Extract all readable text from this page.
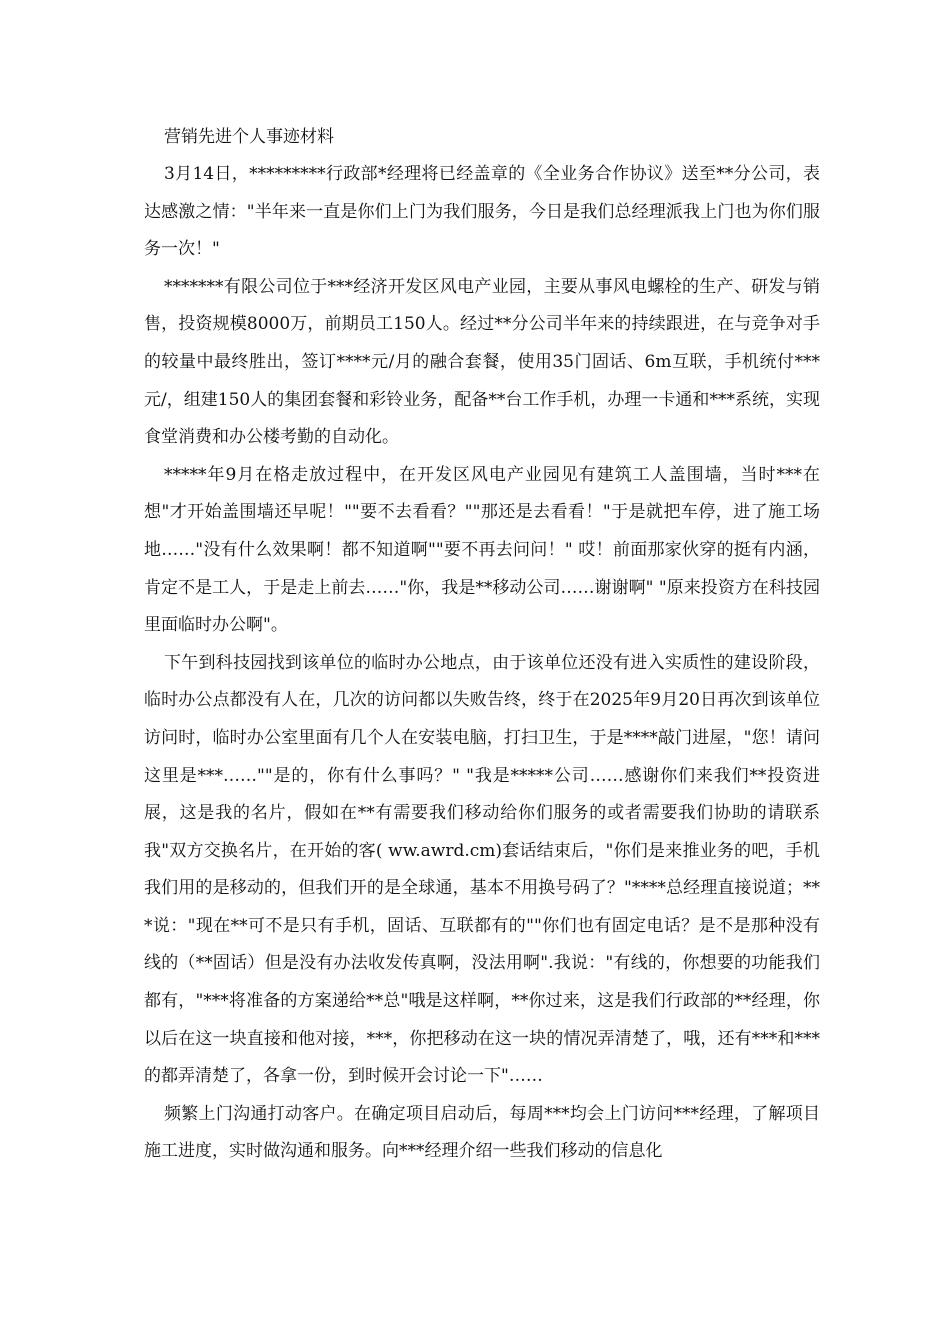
营销先进个人事迹材料

3月14日，*********行政部*经理将已经盖章的《全业务合作协议》送至**分公司，表达感激之情："半年来一直是你们上门为我们服务，今日是我们总经理派我上门也为你们服务一次！"

*******有限公司位于***经济开发区风电产业园，主要从事风电螺栓的生产、研发与销售，投资规模8000万，前期员工150人。经过**分公司半年来的持续跟进，在与竞争对手的较量中最终胜出，签订****元/月的融合套餐，使用35门固话、6m互联，手机统付***元/，组建150人的集团套餐和彩铃业务，配备**台工作手机，办理一卡通和***系统，实现食堂消费和办公楼考勤的自动化。

*****年9月在格走放过程中，在开发区风电产业园见有建筑工人盖围墙，当时***在想"才开始盖围墙还早呢！""要不去看看？""那还是去看看！"于是就把车停，进了施工场地……"没有什么效果啊！都不知道啊""要不再去问问！" 哎！前面那家伙穿的挺有内涵，肯定不是工人，于是走上前去……"你，我是**移动公司……谢谢啊" "原来投资方在科技园里面临时办公啊"。

下午到科技园找到该单位的临时办公地点，由于该单位还没有进入实质性的建设阶段，临时办公点都没有人在，几次的访问都以失败告终，终于在2025年9月20日再次到该单位访问时，临时办公室里面有几个人在安装电脑，打扫卫生，于是****敲门进屋，"您！请问这里是***……""是的，你有什么事吗？" "我是*****公司……感谢你们来我们**投资进展，这是我的名片，假如在**有需要我们移动给你们服务的或者需要我们协助的请联系我"双方交换名片，在开始的客( ww.awrd.cm)套话结束后，"你们是来推业务的吧，手机我们用的是移动的，但我们开的是全球通，基本不用换号码了？"****总经理直接说道；***说："现在**可不是只有手机，固话、互联都有的""你们也有固定电话？是不是那种没有线的（**固话）但是没有办法收发传真啊，没法用啊".我说："有线的，你想要的功能我们都有，"***将准备的方案递给**总"哦是这样啊，**你过来，这是我们行政部的**经理，你以后在这一块直接和他对接，***，你把移动在这一块的情况弄清楚了，哦，还有***和***的都弄清楚了，各拿一份，到时候开会讨论一下"……

频繁上门沟通打动客户。在确定项目启动后，每周***均会上门访问***经理，了解项目施工进度，实时做沟通和服务。向***经理介绍一些我们移动的信息化
